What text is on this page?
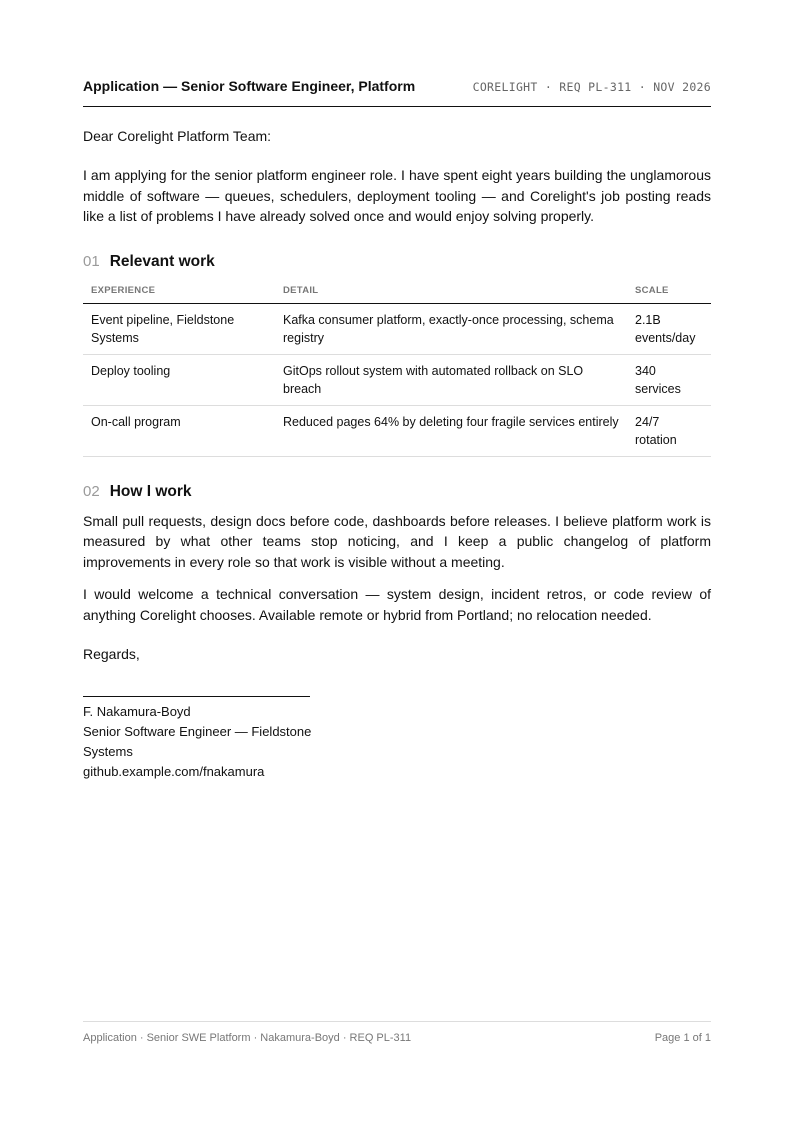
Application — Senior Software Engineer, Platform	CORELIGHT · REQ PL-311 · NOV 2026
Dear Corelight Platform Team:

I am applying for the senior platform engineer role. I have spent eight years building the unglamorous middle of software — queues, schedulers, deployment tooling — and Corelight's job posting reads like a list of problems I have already solved once and would enjoy solving properly.

01 Relevant work
EXPERIENCE	DETAIL	SCALE
Event pipeline, Fieldstone Systems	Kafka consumer platform, exactly-once processing, schema registry	2.1B events/day
Deploy tooling	GitOps rollout system with automated rollback on SLO breach	340 services
On-call program	Reduced pages 64% by deleting four fragile services entirely	24/7 rotation
02 How I work

Small pull requests, design docs before code, dashboards before releases. I believe platform work is measured by what other teams stop noticing, and I keep a public changelog of platform improvements in every role so that work is visible without a meeting.

I would welcome a technical conversation — system design, incident retros, or code review of anything Corelight chooses. Available remote or hybrid from Portland; no relocation needed.

Regards,
F. Nakamura-Boyd
Senior Software Engineer — Fieldstone Systems
github.example.com/fnakamura
Application · Senior SWE Platform · Nakamura-Boyd · REQ PL-311	Page 1 of 1
